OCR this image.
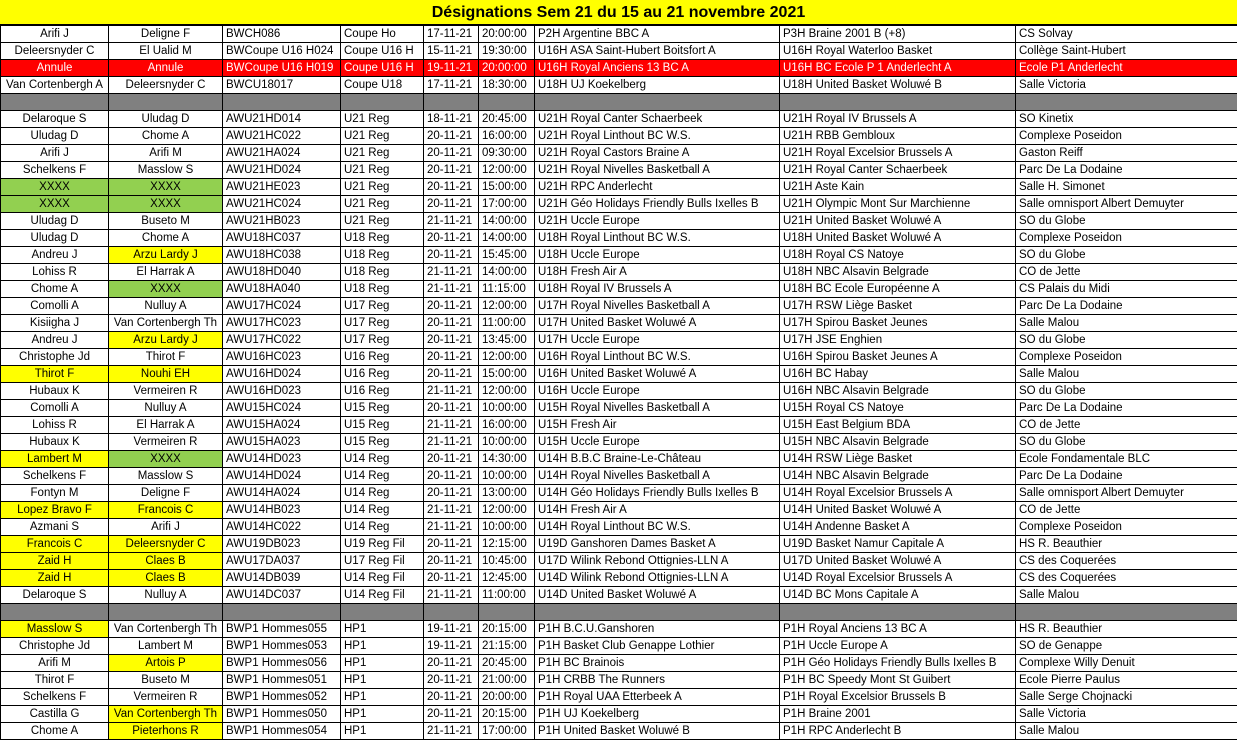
Désignations Sem 21 du 15 au 21 novembre 2021
Arifi J	Deligne F	BWCH086	Coupe Ho	17-11-21	20:00:00	P2H Argentine BBC A	P3H Braine 2001 B (+8)	CS Solvay
Deleersnyder C	El Ualid M	BWCoupe U16 H024	Coupe U16 H	15-11-21	19:30:00	U16H ASA Saint-Hubert Boitsfort A	U16H Royal Waterloo Basket	Collège Saint-Hubert
Annule	Annule	BWCoupe U16 H019	Coupe U16 H	19-11-21	20:00:00	U16H Royal Anciens 13 BC A	U16H BC Ecole P 1 Anderlecht A	Ecole P1 Anderlecht
Van Cortenbergh A	Deleersnyder C	BWCU18017	Coupe U18	17-11-21	18:30:00	U18H UJ Koekelberg	U18H United Basket Woluwé B	Salle Victoria

Delaroque S	Uludag D	AWU21HD014	U21 Reg	18-11-21	20:45:00	U21H Royal Canter Schaerbeek	U21H Royal IV Brussels A	SO Kinetix
Uludag D	Chome A	AWU21HC022	U21 Reg	20-11-21	16:00:00	U21H Royal Linthout BC W.S.	U21H RBB Gembloux	Complexe Poseidon
Arifi J	Arifi M	AWU21HA024	U21 Reg	20-11-21	09:30:00	U21H Royal Castors Braine A	U21H Royal Excelsior Brussels A	Gaston Reiff
Schelkens F	Masslow S	AWU21HD024	U21 Reg	20-11-21	12:00:00	U21H Royal Nivelles Basketball A	U21H Royal Canter Schaerbeek	Parc De La Dodaine
XXXX	XXXX	AWU21HE023	U21 Reg	20-11-21	15:00:00	U21H RPC Anderlecht	U21H Aste Kain	Salle H. Simonet
XXXX	XXXX	AWU21HC024	U21 Reg	20-11-21	17:00:00	U21H Géo Holidays Friendly Bulls Ixelles B	U21H Olympic Mont Sur Marchienne	Salle omnisport Albert Demuyter
Uludag D	Buseto M	AWU21HB023	U21 Reg	21-11-21	14:00:00	U21H Uccle Europe	U21H United Basket Woluwé A	SO du Globe
Uludag D	Chome A	AWU18HC037	U18 Reg	20-11-21	14:00:00	U18H Royal Linthout BC W.S.	U18H United Basket Woluwé A	Complexe Poseidon
Andreu J	Arzu Lardy J	AWU18HC038	U18 Reg	20-11-21	15:45:00	U18H Uccle Europe	U18H Royal CS Natoye	SO du Globe
Lohiss R	El Harrak A	AWU18HD040	U18 Reg	21-11-21	14:00:00	U18H Fresh Air A	U18H NBC Alsavin Belgrade	CO de Jette
Chome A	XXXX	AWU18HA040	U18 Reg	21-11-21	11:15:00	U18H Royal IV Brussels A	U18H BC Ecole Européenne A	CS Palais du Midi
Comolli A	Nulluy A	AWU17HC024	U17 Reg	20-11-21	12:00:00	U17H Royal Nivelles Basketball A	U17H RSW Liège Basket	Parc De La Dodaine
Kisiigha J	Van Cortenbergh Th	AWU17HC023	U17 Reg	20-11-21	11:00:00	U17H United Basket Woluwé A	U17H Spirou Basket Jeunes	Salle Malou
Andreu J	Arzu Lardy J	AWU17HC022	U17 Reg	20-11-21	13:45:00	U17H Uccle Europe	U17H JSE Enghien	SO du Globe
Christophe Jd	Thirot F	AWU16HC023	U16 Reg	20-11-21	12:00:00	U16H Royal Linthout BC W.S.	U16H Spirou Basket Jeunes A	Complexe Poseidon
Thirot F	Nouhi EH	AWU16HD024	U16 Reg	20-11-21	15:00:00	U16H United Basket Woluwé A	U16H BC Habay	Salle Malou
Hubaux K	Vermeiren R	AWU16HD023	U16 Reg	21-11-21	12:00:00	U16H Uccle Europe	U16H NBC Alsavin Belgrade	SO du Globe
Comolli A	Nulluy A	AWU15HC024	U15 Reg	20-11-21	10:00:00	U15H Royal Nivelles Basketball A	U15H Royal CS Natoye	Parc De La Dodaine
Lohiss R	El Harrak A	AWU15HA024	U15 Reg	21-11-21	16:00:00	U15H Fresh Air	U15H East Belgium BDA	CO de Jette
Hubaux K	Vermeiren R	AWU15HA023	U15 Reg	21-11-21	10:00:00	U15H Uccle Europe	U15H NBC Alsavin Belgrade	SO du Globe
Lambert M	XXXX	AWU14HD023	U14 Reg	20-11-21	14:30:00	U14H B.B.C Braine-Le-Château	U14H RSW Liège Basket	Ecole Fondamentale BLC
Schelkens F	Masslow S	AWU14HD024	U14 Reg	20-11-21	10:00:00	U14H Royal Nivelles Basketball A	U14H NBC Alsavin Belgrade	Parc De La Dodaine
Fontyn M	Deligne F	AWU14HA024	U14 Reg	20-11-21	13:00:00	U14H Géo Holidays Friendly Bulls Ixelles B	U14H Royal Excelsior Brussels A	Salle omnisport Albert Demuyter
Lopez Bravo F	Francois C	AWU14HB023	U14 Reg	21-11-21	12:00:00	U14H Fresh Air A	U14H United Basket Woluwé A	CO de Jette
Azmani S	Arifi J	AWU14HC022	U14 Reg	21-11-21	10:00:00	U14H Royal Linthout BC W.S.	U14H Andenne Basket A	Complexe Poseidon
Francois C	Deleersnyder C	AWU19DB023	U19 Reg Fil	20-11-21	12:15:00	U19D Ganshoren Dames Basket A	U19D Basket Namur Capitale A	HS R. Beauthier
Zaid H	Claes B	AWU17DA037	U17 Reg Fil	20-11-21	10:45:00	U17D Wilink Rebond Ottignies-LLN A	U17D United Basket Woluwé A	CS des Coquerées
Zaid H	Claes B	AWU14DB039	U14 Reg Fil	20-11-21	12:45:00	U14D Wilink Rebond Ottignies-LLN A	U14D Royal Excelsior Brussels A	CS des Coquerées
Delaroque S	Nulluy A	AWU14DC037	U14 Reg Fil	21-11-21	11:00:00	U14D United Basket Woluwé A	U14D BC Mons Capitale A	Salle Malou

Masslow S	Van Cortenbergh Th	BWP1 Hommes055	HP1	19-11-21	20:15:00	P1H B.C.U.Ganshoren	P1H Royal Anciens 13 BC A	HS R. Beauthier
Christophe Jd	Lambert M	BWP1 Hommes053	HP1	19-11-21	21:15:00	P1H Basket Club Genappe Lothier	P1H Uccle Europe A	SO de Genappe
Arifi M	Artois P	BWP1 Hommes056	HP1	20-11-21	20:45:00	P1H BC Brainois	P1H Géo Holidays Friendly Bulls Ixelles B	Complexe Willy Denuit
Thirot F	Buseto M	BWP1 Hommes051	HP1	20-11-21	21:00:00	P1H CRBB The Runners	P1H BC Speedy Mont St Guibert	Ecole Pierre Paulus
Schelkens F	Vermeiren R	BWP1 Hommes052	HP1	20-11-21	20:00:00	P1H Royal UAA Etterbeek A	P1H Royal Excelsior Brussels B	Salle Serge Chojnacki
Castilla G	Van Cortenbergh Th	BWP1 Hommes050	HP1	20-11-21	20:15:00	P1H UJ Koekelberg	P1H Braine 2001	Salle Victoria
Chome A	Pieterhons R	BWP1 Hommes054	HP1	21-11-21	17:00:00	P1H United Basket Woluwé B	P1H RPC Anderlecht B	Salle Malou
